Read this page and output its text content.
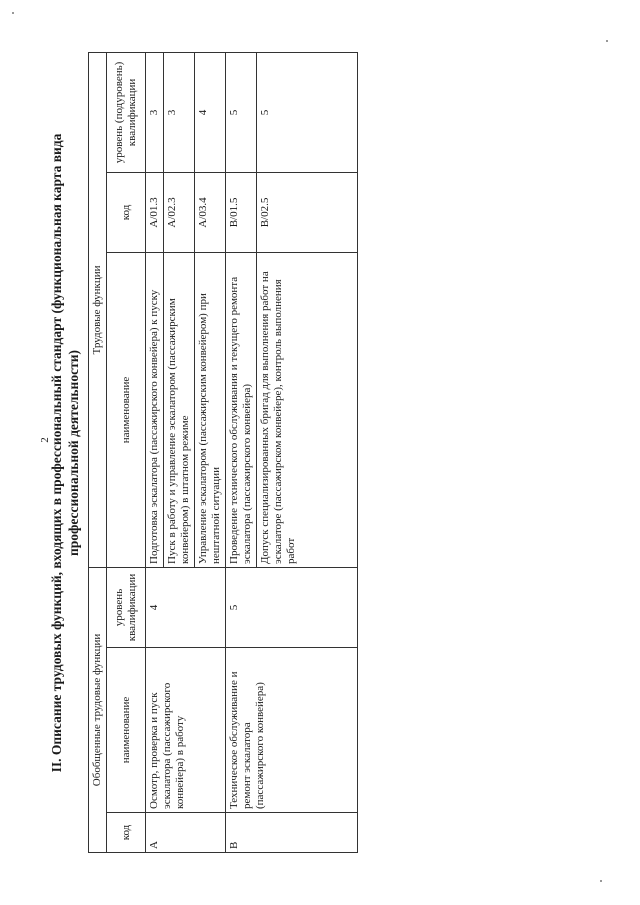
2
II. Описание трудовых функций, входящих в профессиональный стандарт (функциональная карта вида профессиональной деятельности)
Обобщенные трудовые функции			Трудовые функции		
код	наименование	уровень квалификации	наименование	код	уровень (подуровень) квалификации
A	Осмотр, проверка и пуск эскалатора (пассажирского конвейера) в работу	4	Подготовка эскалатора (пассажирского конвейера) к пуску	A/01.3	3
			Пуск в работу и управление эскалатором (пассажирским конвейером) в штатном режиме	A/02.3	3
			Управление эскалатором (пассажирским конвейером) при нештатной ситуации	A/03.4	4
B	Техническое обслуживание и ремонт эскалатора (пассажирского конвейера)	5	Проведение технического обслуживания и текущего ремонта эскалатора (пассажирского конвейера)	B/01.5	5
			Допуск специализированных бригад для выполнения работ на эскалаторе (пассажирском конвейере), контроль выполнения работ	B/02.5	5
